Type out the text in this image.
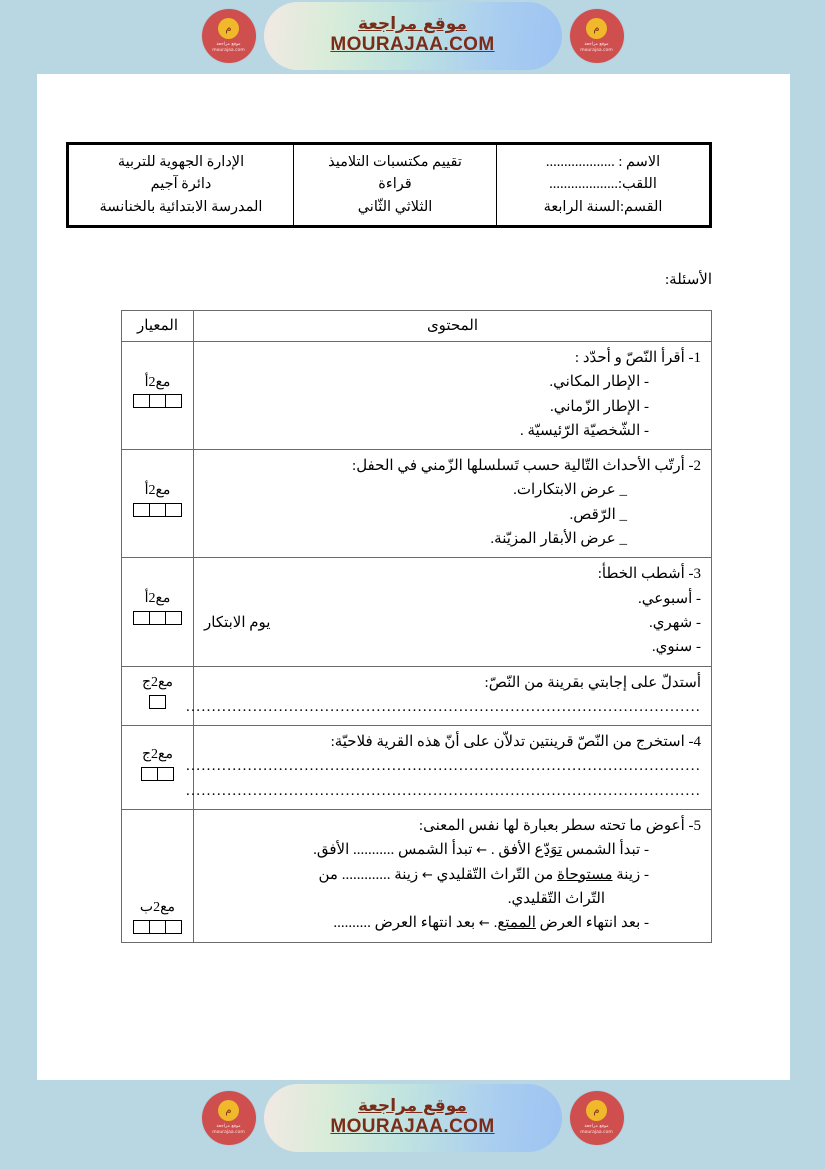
م
موقع مراجعة mourajaa.com
موقع مراجعة
MOURAJAA.COM
م
موقع مراجعة mourajaa.com
الاسم : ...................
اللقب:...................
القسم:السنة الرابعة

تقييم مكتسبات التلاميذ
قراءة
الثلاثي الثّاني

الإدارة الجهوية للتربية
دائرة آجيم
المدرسة الابتدائية بالخنانسة
الأسئلة:
المحتوى	المعيار

1- أقرأ النّصّ و أحدّد :
- الإطار المكاني.
- الإطار الزّماني.
- الشّخصيّة الرّئيسيّة .	مع2أ

2- أرتّب الأحداث التّالية حسب تَسلسلها الزّمني في الحفل:
_ عرض الابتكارات.
_ الرّقص.
_ عرض الأبقار المزيّنة.	مع2أ

3- أشطب الخطأ:
- أسبوعي.

- شهري.
يوم الابتكار
- سنوي.	مع2أ

أستدلّ على إجابتي بقرينة من النّصّ:
....................................................................................................	مع2ج

4- استخرج من النّصّ قرينتين تدلاّن على أنّ هذه القرية فلاحيّة:
....................................................................................................
....................................................................................................	مع2ج

5- أعوض ما تحته سطر بعبارة لها نفس المعنى:
- تبدأ الشمس توَدّع الأفق . ← تبدأ الشمس ........... الأفق.
- زينة مستوحاة من التّراث التّقليدي ← زينة ............. من
التّراث التّقليدي.
- بعد انتهاء العرض الممتع. ← بعد انتهاء العرض ..........	مع2ب
م
موقع مراجعة mourajaa.com
موقع مراجعة
MOURAJAA.COM
م
موقع مراجعة mourajaa.com
